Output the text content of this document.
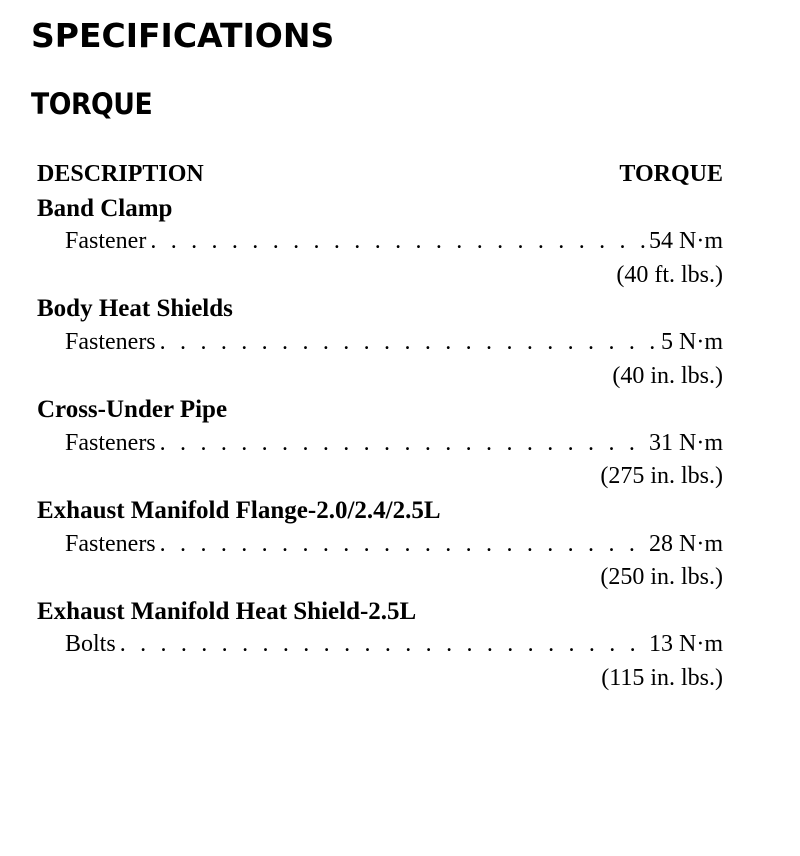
SPECIFICATIONS
TORQUE
DESCRIPTION	TORQUE
Band Clamp
Fastener . . .	54 N·m
(40 ft. lbs.)
Body Heat Shields
Fasteners . . .	5 N·m
(40 in. lbs.)
Cross-Under Pipe
Fasteners . . .	31 N·m
(275 in. lbs.)
Exhaust Manifold Flange-2.0/2.4/2.5L
Fasteners . . .	28 N·m
(250 in. lbs.)
Exhaust Manifold Heat Shield-2.5L
Bolts . . .	13 N·m
(115 in. lbs.)
